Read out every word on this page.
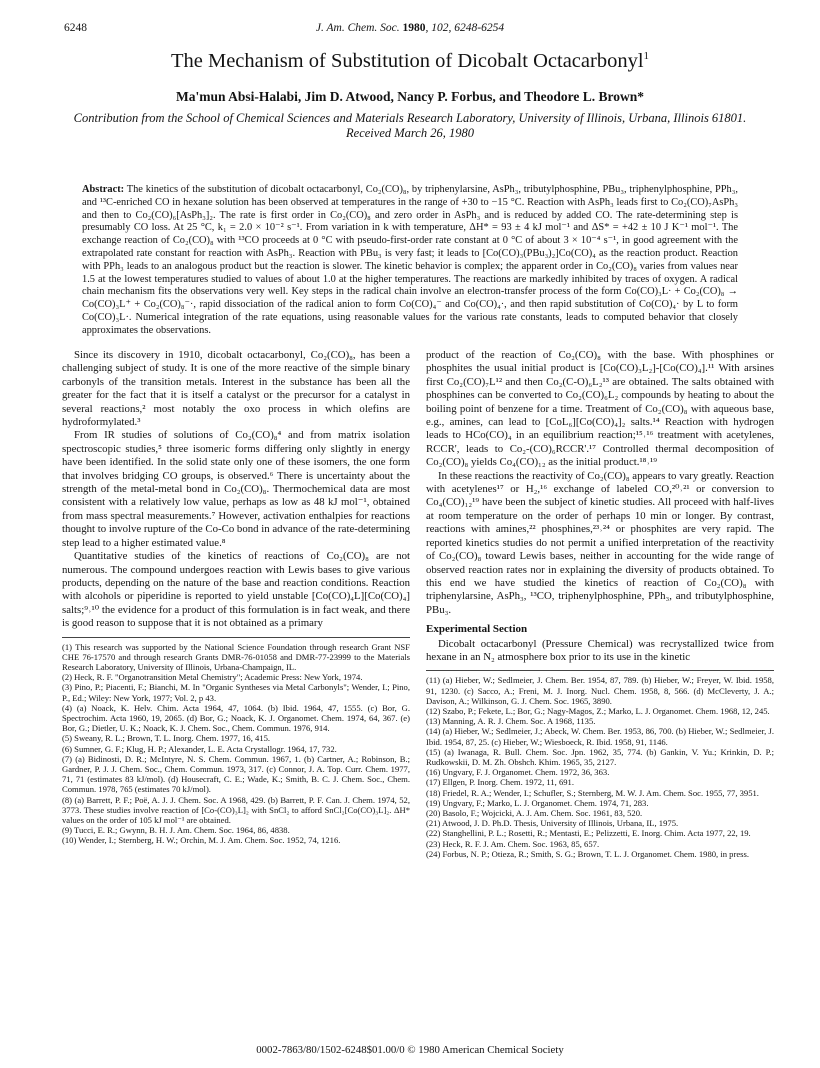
6248	J. Am. Chem. Soc. 1980, 102, 6248-6254
The Mechanism of Substitution of Dicobalt Octacarbonyl$^1$
Ma'mun Absi-Halabi, Jim D. Atwood, Nancy P. Forbus, and Theodore L. Brown*
Contribution from the School of Chemical Sciences and Materials Research Laboratory, University of Illinois, Urbana, Illinois 61801. Received March 26, 1980
Abstract: The kinetics of the substitution of dicobalt octacarbonyl, Co₂(CO)₈, by triphenylarsine, AsPh₃, tributylphosphine, PBu₃, triphenylphosphine, PPh₃, and ¹³C-enriched CO in hexane solution has been observed at temperatures in the range of +30 to −15 °C. Reaction with AsPh₃ leads first to Co₂(CO)₇AsPh₃ and then to Co₂(CO)₆[AsPh₃]₂. The rate is first order in Co₂(CO)₈ and zero order in AsPh₃ and is reduced by added CO. The rate-determining step is presumably CO loss. At 25 °C, k₁ = 2.0 × 10⁻² s⁻¹. From variation in k with temperature, ΔH* = 93 ± 4 kJ mol⁻¹ and ΔS* = +42 ± 10 J K⁻¹ mol⁻¹. The exchange reaction of Co₂(CO)₈ with ¹³CO proceeds at 0 °C with pseudo-first-order rate constant at 0 °C of about 3 × 10⁻⁴ s⁻¹, in good agreement with the extrapolated rate constant for reaction with AsPh₃. Reaction with PBu₃ is very fast; it leads to [Co(CO)₃(PBu₃)₂]Co(CO)₄ as the reaction product. Reaction with PPh₃ leads to an analogous product but the reaction is slower. The kinetic behavior is complex; the apparent order in Co₂(CO)₈ varies from values near 1.5 at the lowest temperatures studied to values of about 1.0 at the higher temperatures. The reactions are markedly inhibited by traces of oxygen. A radical chain mechanism fits the observations very well. Key steps in the radical chain involve an electron-transfer process of the form Co(CO)₃L· + Co₂(CO)₈ → Co(CO)₃L⁺ + Co₂(CO)₈⁻·, rapid dissociation of the radical anion to form Co(CO)₄⁻ and Co(CO)₄·, and then rapid substitution of Co(CO)₄· by L to form Co(CO)₃L·. Numerical integration of the rate equations, using reasonable values for the various rate constants, leads to computed behavior that closely approximates the observations.

Since its discovery in 1910, dicobalt octacarbonyl, Co₂(CO)₈, has been a challenging subject of study. It is one of the more reactive of the simple binary carbonyls of the transition metals. Interest in the substance has been all the greater for the fact that it is itself a catalyst or the precursor for a catalyst in several reactions,² most notably the oxo process in which olefins are hydroformylated.³

From IR studies of solutions of Co₂(CO)₈⁴ and from matrix isolation spectroscopic studies,⁵ three isomeric forms differing only slightly in energy have been identified. In the solid state only one of these isomers, the one form that involves bridging CO groups, is observed.⁶ There is uncertainty about the strength of the metal-metal bond in Co₂(CO)₈. Thermochemical data are most consistent with a relatively low value, perhaps as low as 48 kJ mol⁻¹, obtained from mass spectral measurements.⁷ However, activation enthalpies for reactions thought to involve rupture of the Co-Co bond in advance of the rate-determining step lead to a higher estimated value.⁸

Quantitative studies of the kinetics of reactions of Co₂(CO)₈ are not numerous. The compound undergoes reaction with Lewis bases to give various products, depending on the nature of the base and reaction conditions. Reaction with alcohols or piperidine is reported to yield unstable [Co(CO)₄L][Co(CO)₄] salts;⁹˒¹⁰ the evidence for a product of this formulation is in fact weak, and there is good reason to suppose that it is not obtained as a primary

(1) This research was supported by the National Science Foundation through research Grant NSF CHE 76-17570 and through research Grants DMR-76-01058 and DMR-77-23999 to the Materials Research Laboratory, University of Illinois, Urbana-Champaign, IL.
(2) Heck, R. F. "Organotransition Metal Chemistry"; Academic Press: New York, 1974.
(3) Pino, P.; Piacenti, F.; Bianchi, M. In "Organic Syntheses via Metal Carbonyls"; Wender, I.; Pino, P., Ed.; Wiley: New York, 1977; Vol. 2, p 43.
(4) (a) Noack, K. Helv. Chim. Acta 1964, 47, 1064. (b) Ibid. 1964, 47, 1555. (c) Bor, G. Spectrochim. Acta 1960, 19, 2065. (d) Bor, G.; Noack, K. J. Organomet. Chem. 1974, 64, 367. (e) Bor, G.; Dietler, U. K.; Noack, K. J. Chem. Soc., Chem. Commun. 1976, 914.
(5) Sweany, R. L.; Brown, T. L. Inorg. Chem. 1977, 16, 415.
(6) Sumner, G. F.; Klug, H. P.; Alexander, L. E. Acta Crystallogr. 1964, 17, 732.
(7) (a) Bidinosti, D. R.; McIntyre, N. S. Chem. Commun. 1967, 1. (b) Cartner, A.; Robinson, B.; Gardner, P. J. J. Chem. Soc., Chem. Commun. 1973, 317. (c) Connor, J. A. Top. Curr. Chem. 1977, 71, 71 (estimates 83 kJ/mol). (d) Housecraft, C. E.; Wade, K.; Smith, B. C. J. Chem. Soc., Chem. Commun. 1978, 765 (estimates 70 kJ/mol).
(8) (a) Barrett, P. F.; Poë, A. J. J. Chem. Soc. A 1968, 429. (b) Barrett, P. F. Can. J. Chem. 1974, 52, 3773. These studies involve reaction of [Co-(CO)₃L]₂ with SnCl₂ to afford SnCl₂[Co(CO)₃L]₂. ΔH* values on the order of 105 kJ mol⁻¹ are obtained.
(9) Tucci, E. R.; Gwynn, B. H. J. Am. Chem. Soc. 1964, 86, 4838.
(10) Wender, I.; Sternberg, H. W.; Orchin, M. J. Am. Chem. Soc. 1952, 74, 1216.

product of the reaction of Co₂(CO)₈ with the base. With phosphines or phosphites the usual initial product is [Co(CO)₃L₂]-[Co(CO)₄].¹¹ With arsines first Co₂(CO)₇L¹² and then Co₂(C-O)₆L₂¹³ are obtained. The salts obtained with phosphines can be converted to Co₂(CO)₆L₂ compounds by heating to about the boiling point of benzene for a time. Treatment of Co₂(CO)₈ with aqueous base, e.g., amines, can lead to [CoL₆][Co(CO)₄]₂ salts.¹⁴ Reaction with hydrogen leads to HCo(CO)₄ in an equilibrium reaction;¹⁵˒¹⁶ treatment with acetylenes, RCCR', leads to Co₂-(CO)₆RCCR'.¹⁷ Controlled thermal decomposition of Co₂(CO)₈ yields Co₄(CO)₁₂ as the initial product.¹⁸˒¹⁹

In these reactions the reactivity of Co₂(CO)₈ appears to vary greatly. Reaction with acetylenes¹⁷ or H₂,¹⁶ exchange of labeled CO,²⁰˒²¹ or conversion to Co₄(CO)₁₂¹⁹ have been the subject of kinetic studies. All proceed with half-lives at room temperature on the order of perhaps 10 min or longer. By contrast, reactions with amines,²² phosphines,²³˒²⁴ or phosphites are very rapid. The reported kinetics studies do not permit a unified interpretation of the reactivity of Co₂(CO)₈ toward Lewis bases, neither in accounting for the wide range of observed reaction rates nor in explaining the diversity of products obtained. To this end we have studied the kinetics of reaction of Co₂(CO)₈ with triphenylarsine, AsPh₃, ¹³CO, triphenylphosphine, PPh₃, and tributylphosphine, PBu₃.

Experimental Section

Dicobalt octacarbonyl (Pressure Chemical) was recrystallized twice from hexane in an N₂ atmosphere box prior to its use in the kinetic

(11) (a) Hieber, W.; Sedlmeier, J. Chem. Ber. 1954, 87, 789. (b) Hieber, W.; Freyer, W. Ibid. 1958, 91, 1230. (c) Sacco, A.; Freni, M. J. Inorg. Nucl. Chem. 1958, 8, 566. (d) McCleverty, J. A.; Davison, A.; Wilkinson, G. J. Chem. Soc. 1965, 3890.
(12) Szabo, P.; Fekete, L.; Bor, G.; Nagy-Magos, Z.; Marko, L. J. Organomet. Chem. 1968, 12, 245.
(13) Manning, A. R. J. Chem. Soc. A 1968, 1135.
(14) (a) Hieber, W.; Sedlmeier, J.; Abeck, W. Chem. Ber. 1953, 86, 700. (b) Hieber, W.; Sedlmeier, J. Ibid. 1954, 87, 25. (c) Hieber, W.; Wiesboeck, R. Ibid. 1958, 91, 1146.
(15) (a) Iwanaga, R. Bull. Chem. Soc. Jpn. 1962, 35, 774. (b) Gankin, V. Yu.; Krinkin, D. P.; Rudkowskii, D. M. Zh. Obshch. Khim. 1965, 35, 2127.
(16) Ungvary, F. J. Organomet. Chem. 1972, 36, 363.
(17) Ellgen, P. Inorg. Chem. 1972, 11, 691.
(18) Friedel, R. A.; Wender, I.; Schufler, S.; Sternberg, M. W. J. Am. Chem. Soc. 1955, 77, 3951.
(19) Ungvary, F.; Marko, L. J. Organomet. Chem. 1974, 71, 283.
(20) Basolo, F.; Wojcicki, A. J. Am. Chem. Soc. 1961, 83, 520.
(21) Atwood, J. D. Ph.D. Thesis, University of Illinois, Urbana, IL, 1975.
(22) Stanghellini, P. L.; Rosetti, R.; Mentasti, E.; Pelizzetti, E. Inorg. Chim. Acta 1977, 22, 19.
(23) Heck, R. F. J. Am. Chem. Soc. 1963, 85, 657.
(24) Forbus, N. P.; Otieza, R.; Smith, S. G.; Brown, T. L. J. Organomet. Chem. 1980, in press.
0002-7863/80/1502-6248$01.00/0 © 1980 American Chemical Society
